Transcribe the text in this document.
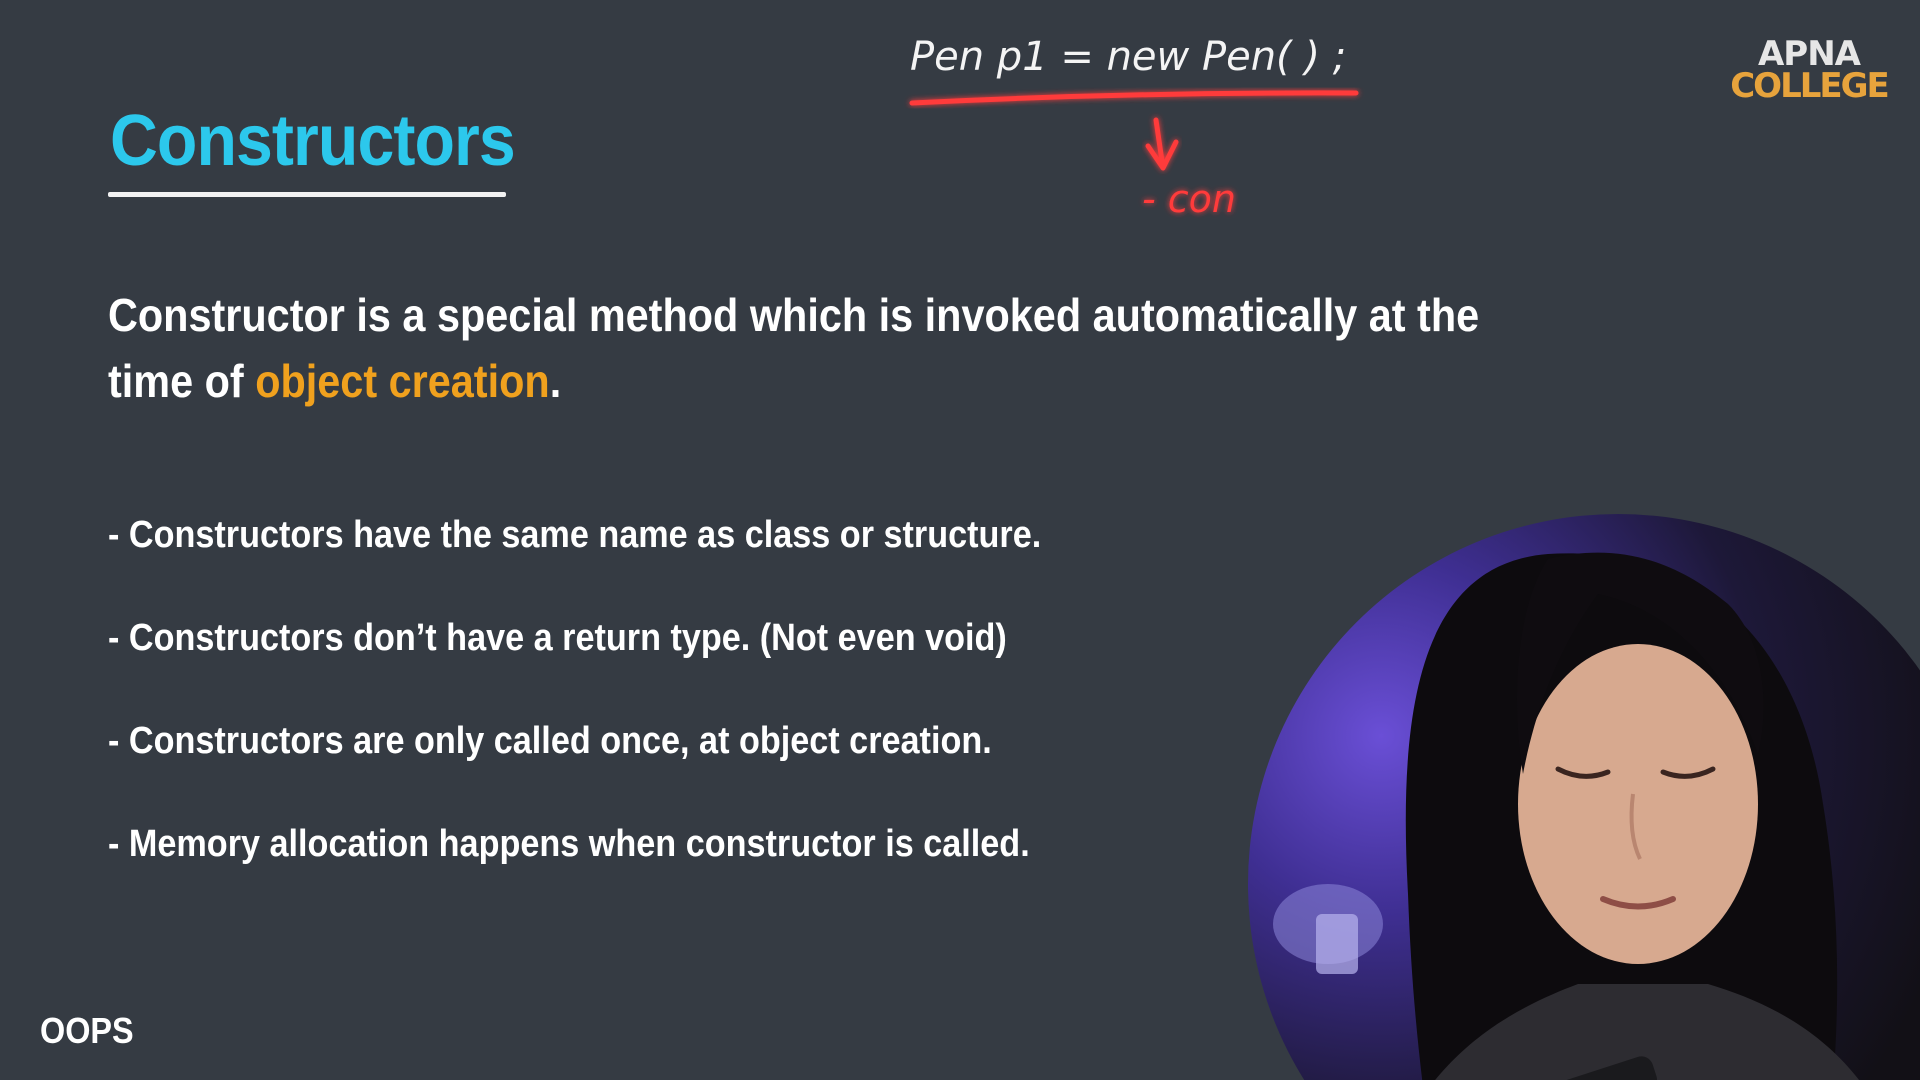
Constructors

Constructor is a special method which is invoked automatically at the time of object creation.

- Constructors have the same name as class or structure.
- Constructors don’t have a return type. (Not even void)
- Constructors are only called once, at object creation.
- Memory allocation happens when constructor is called.
OOPS
APNA
COLLEGE
Pen p1 = new Pen( ) ;
- con
